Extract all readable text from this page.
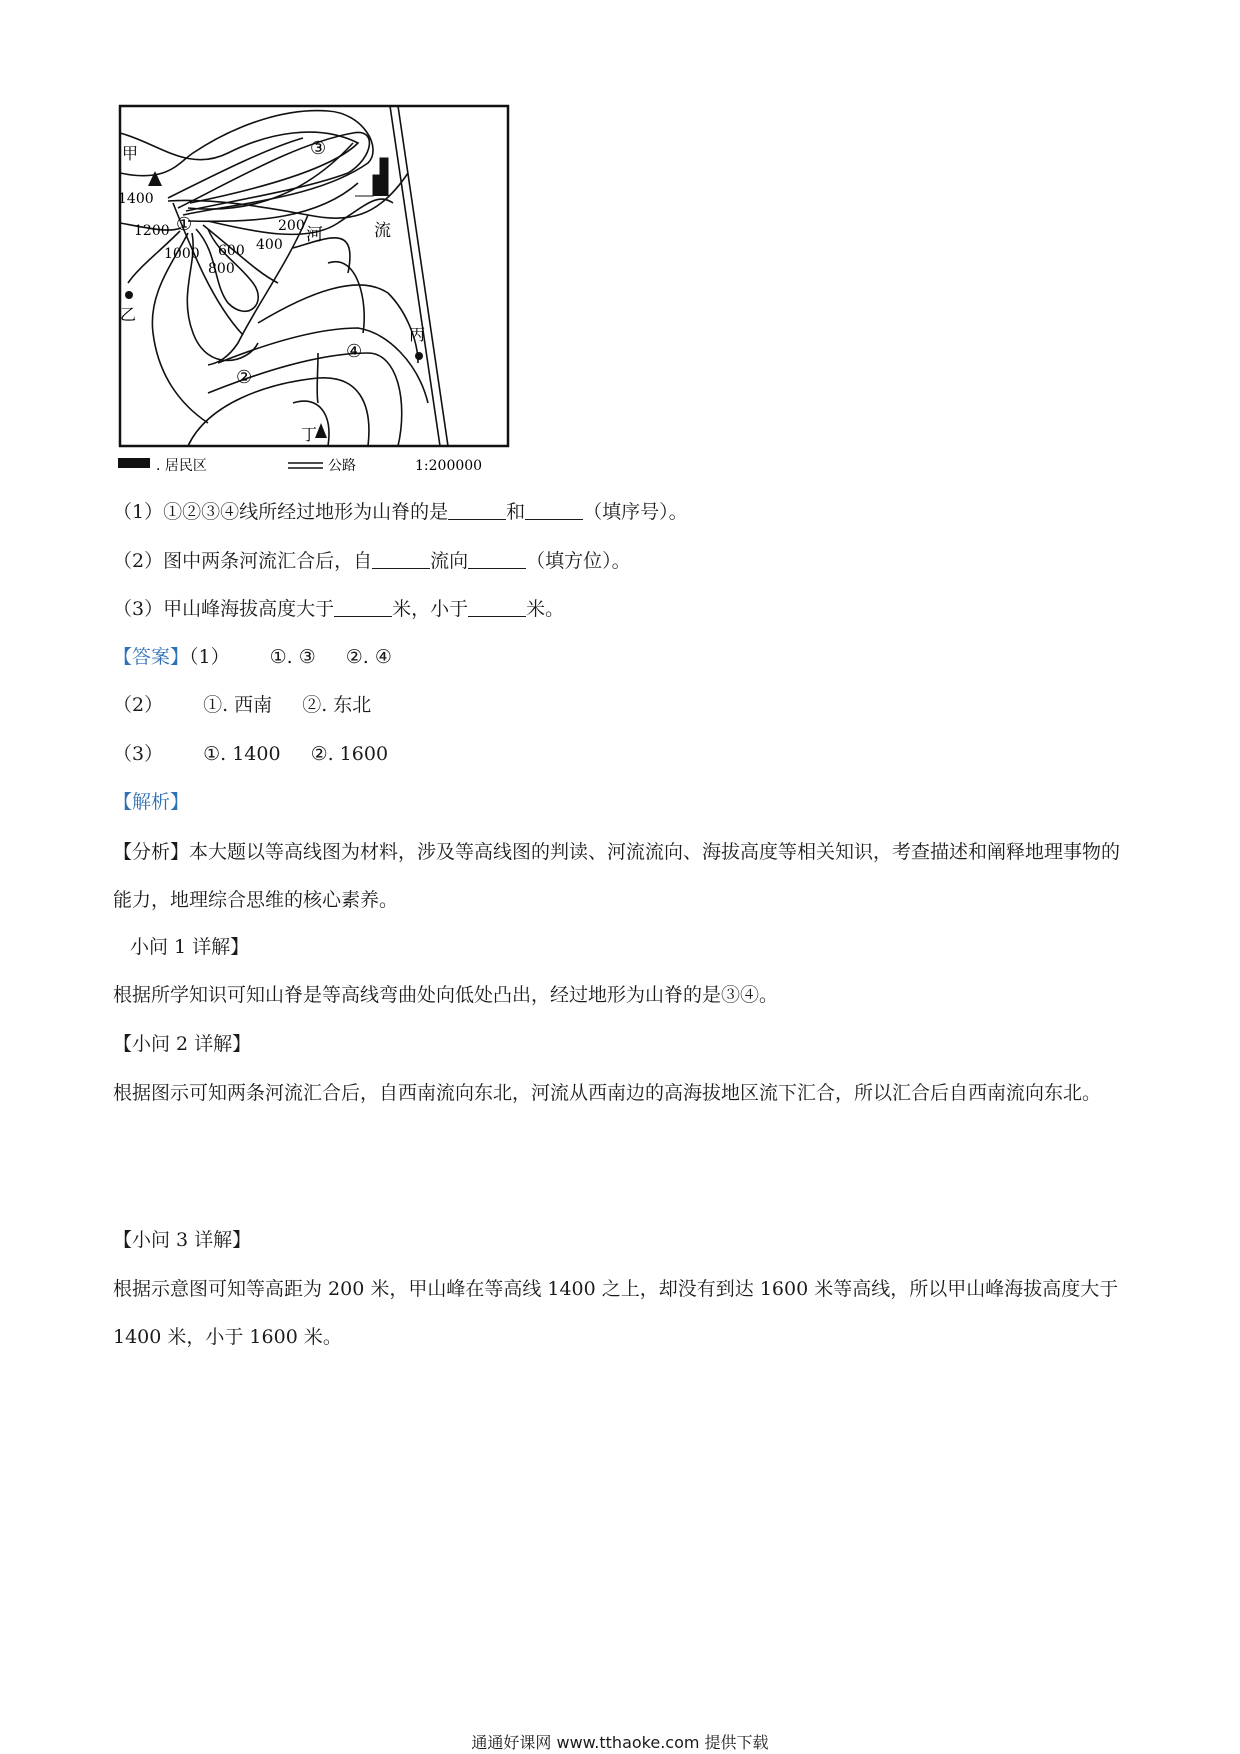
甲
1400
1200
1000
800
600 400
200 河	流
乙
丙
丁
①
②
③
④
. 居民区	公路	1:200000
（1）①②③④线所经过地形为山脊的是	和	（填序号）。
（2）图中两条河流汇合后，自	流向	（填方位）。
（3）甲山峰海拔高度大于	米，小于	米。
【答案】（1） ①. ③ ②. ④
（2） ①. 西南 ②. 东北
（3） ①. 1400 ②. 1600
【解析】
【分析】本大题以等高线图为材料，涉及等高线图的判读、河流流向、海拔高度等相关知识，考查描述和阐释地理事物的能力，地理综合思维的核心素养。
小问 1 详解】
根据所学知识可知山脊是等高线弯曲处向低处凸出，经过地形为山脊的是③④。
【小问 2 详解】
根据图示可知两条河流汇合后，自西南流向东北，河流从西南边的高海拔地区流下汇合，所以汇合后自西南流向东北。
【小问 3 详解】
根据示意图可知等高距为 200 米，甲山峰在等高线 1400 之上，却没有到达 1600 米等高线，所以甲山峰海拔高度大于 1400 米，小于 1600 米。
通通好课网 www.tthaoke.com 提供下载
